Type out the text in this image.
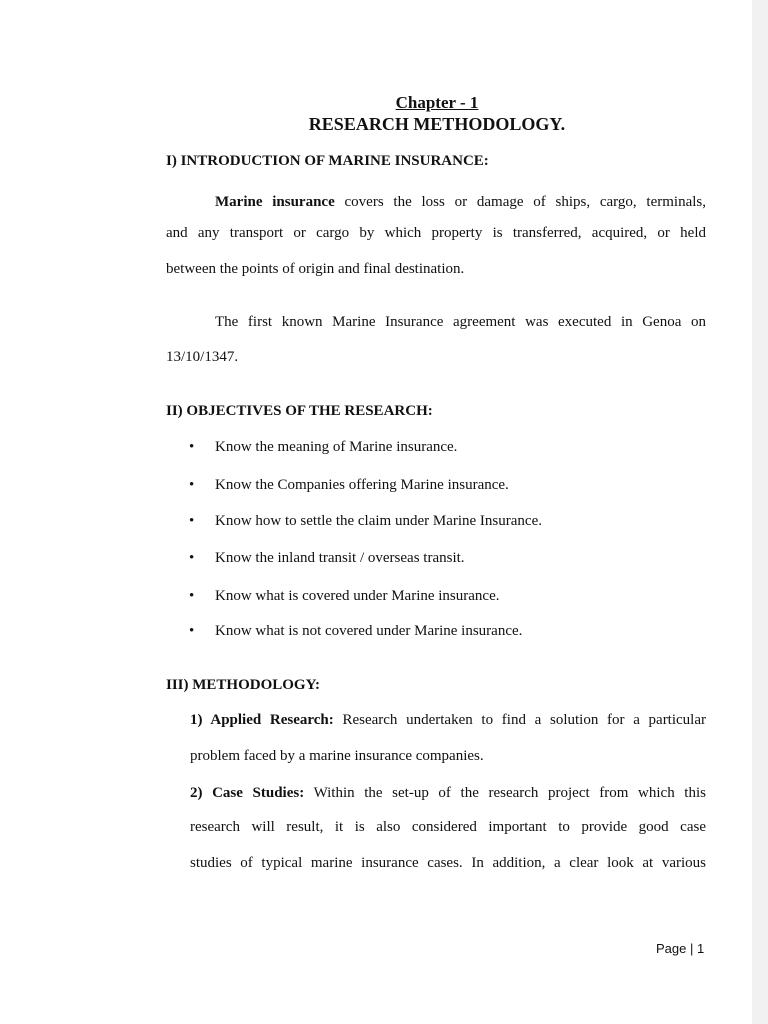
Chapter - 1

RESEARCH METHODOLOGY.

I) INTRODUCTION OF MARINE INSURANCE:

Marine insurance covers the loss or damage of ships, cargo, terminals,

and any transport or cargo by which property is transferred, acquired, or held

between the points of origin and final destination.

The first known Marine Insurance agreement was executed in Genoa on

13/10/1347.

II) OBJECTIVES OF THE RESEARCH:

• Know the meaning of Marine insurance.
• Know the Companies offering Marine insurance.
• Know how to settle the claim under Marine Insurance.
• Know the inland transit / overseas transit.
• Know what is covered under Marine insurance.
• Know what is not covered under Marine insurance.

III) METHODOLOGY:

1) Applied Research: Research undertaken to find a solution for a particular

problem faced by a marine insurance companies.

2) Case Studies: Within the set-up of the research project from which this

research will result, it is also considered important to provide good case

studies of typical marine insurance cases. In addition, a clear look at various

Page | 1
